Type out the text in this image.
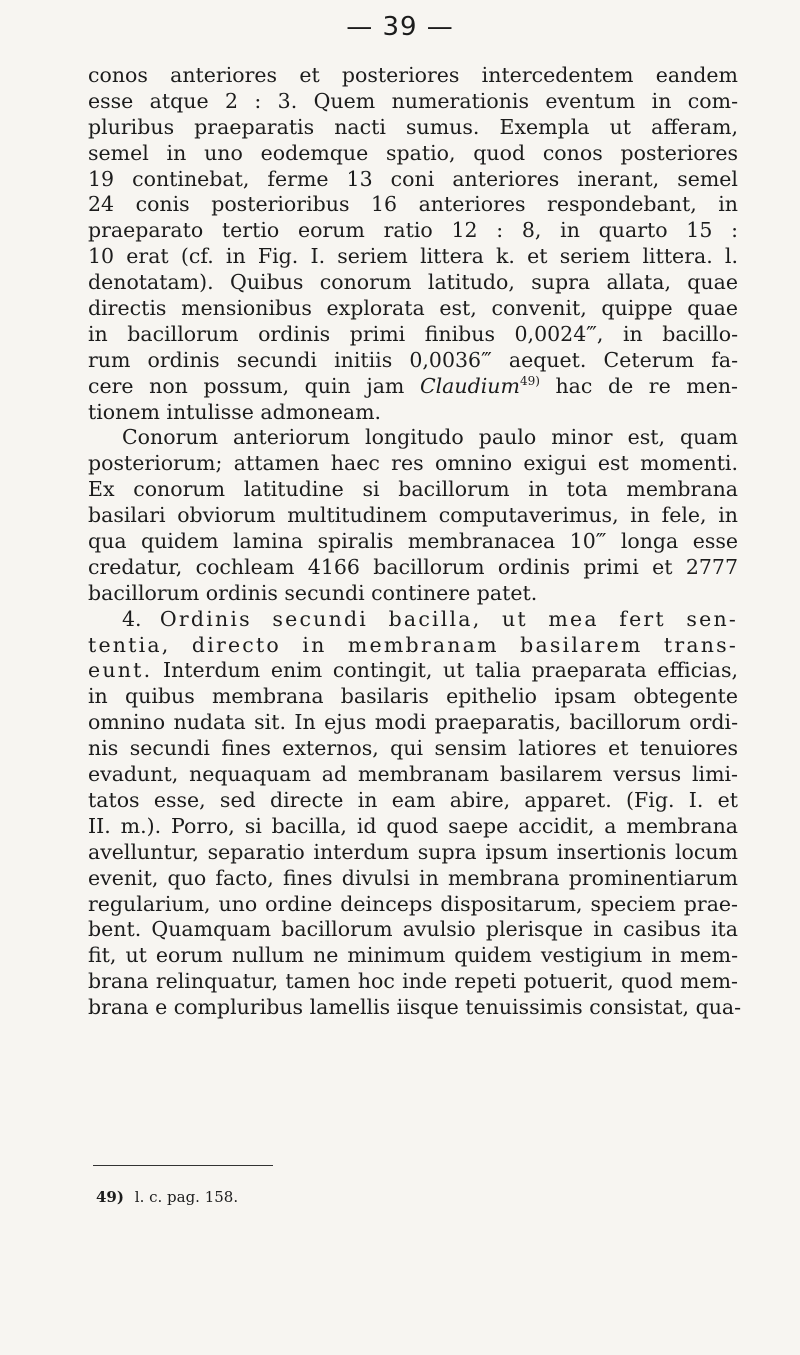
— 39 —
conos anteriores et posteriores intercedentem eandem
esse atque 2 : 3. Quem numerationis eventum in com-
pluribus praeparatis nacti sumus. Exempla ut afferam,
semel in uno eodemque spatio, quod conos posteriores
19 continebat, ferme 13 coni anteriores inerant, semel
24 conis posterioribus 16 anteriores respondebant, in
praeparato tertio eorum ratio 12 : 8, in quarto 15 :
10 erat (cf. in Fig. I. seriem littera k. et seriem littera. l.
denotatam). Quibus conorum latitudo, supra allata, quae
directis mensionibus explorata est, convenit, quippe quae
in bacillorum ordinis primi finibus 0,0024‴, in bacillo-
rum ordinis secundi initiis 0,0036‴ aequet. Ceterum fa-
cere non possum, quin jam Claudium$^{49)}$ hac de re men-
tionem intulisse admoneam.
Conorum anteriorum longitudo paulo minor est, quam
posteriorum; attamen haec res omnino exigui est momenti.
Ex conorum latitudine si bacillorum in tota membrana
basilari obviorum multitudinem computaverimus, in fele, in
qua quidem lamina spiralis membranacea 10‴ longa esse
credatur, cochleam 4166 bacillorum ordinis primi et 2777
bacillorum ordinis secundi continere patet.
4. Ordinis secundi bacilla, ut mea fert sen-
tentia, directo in membranam basilarem trans-
eunt. Interdum enim contingit, ut talia praeparata efficias,
in quibus membrana basilaris epithelio ipsam obtegente
omnino nudata sit. In ejus modi praeparatis, bacillorum ordi-
nis secundi fines externos, qui sensim latiores et tenuiores
evadunt, nequaquam ad membranam basilarem versus limi-
tatos esse, sed directe in eam abire, apparet. (Fig. I. et
II. m.). Porro, si bacilla, id quod saepe accidit, a membrana
avelluntur, separatio interdum supra ipsum insertionis locum
evenit, quo facto, fines divulsi in membrana prominentiarum
regularium, uno ordine deinceps dispositarum, speciem prae-
bent. Quamquam bacillorum avulsio plerisque in casibus ita
fit, ut eorum nullum ne minimum quidem vestigium in mem-
brana relinquatur, tamen hoc inde repeti potuerit, quod mem-
brana e compluribus lamellis iisque tenuissimis consistat, qua-
49) l. c. pag. 158.
